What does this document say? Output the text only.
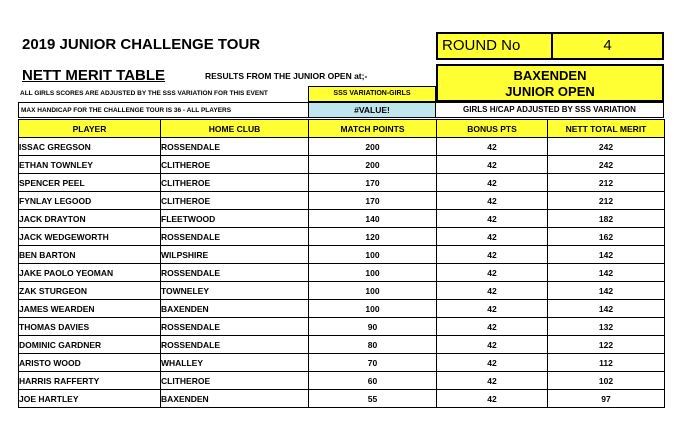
2019 JUNIOR CHALLENGE TOUR	ROUND No	4
NETT MERIT TABLE	RESULTS FROM THE JUNIOR OPEN at;-	BAXENDEN
JUNIOR OPEN
ALL GIRLS SCORES ARE ADJUSTED BY THE SSS VARIATION FOR THIS EVENT	SSS VARIATION-GIRLS
MAX HANDICAP FOR THE CHALLENGE TOUR IS 36 - ALL PLAYERS	#VALUE!	GIRLS H/CAP ADJUSTED BY SSS VARIATION
PLAYER	HOME CLUB	MATCH POINTS	BONUS PTS	NETT TOTAL MERIT
ISSAC GREGSON	ROSSENDALE	200	42	242
ETHAN TOWNLEY	CLITHEROE	200	42	242
SPENCER PEEL	CLITHEROE	170	42	212
FYNLAY LEGOOD	CLITHEROE	170	42	212
JACK DRAYTON	FLEETWOOD	140	42	182
JACK WEDGEWORTH	ROSSENDALE	120	42	162
BEN BARTON	WILPSHIRE	100	42	142
JAKE PAOLO YEOMAN	ROSSENDALE	100	42	142
ZAK STURGEON	TOWNELEY	100	42	142
JAMES WEARDEN	BAXENDEN	100	42	142
THOMAS DAVIES	ROSSENDALE	90	42	132
DOMINIC GARDNER	ROSSENDALE	80	42	122
ARISTO WOOD	WHALLEY	70	42	112
HARRIS RAFFERTY	CLITHEROE	60	42	102
JOE HARTLEY	BAXENDEN	55	42	97
